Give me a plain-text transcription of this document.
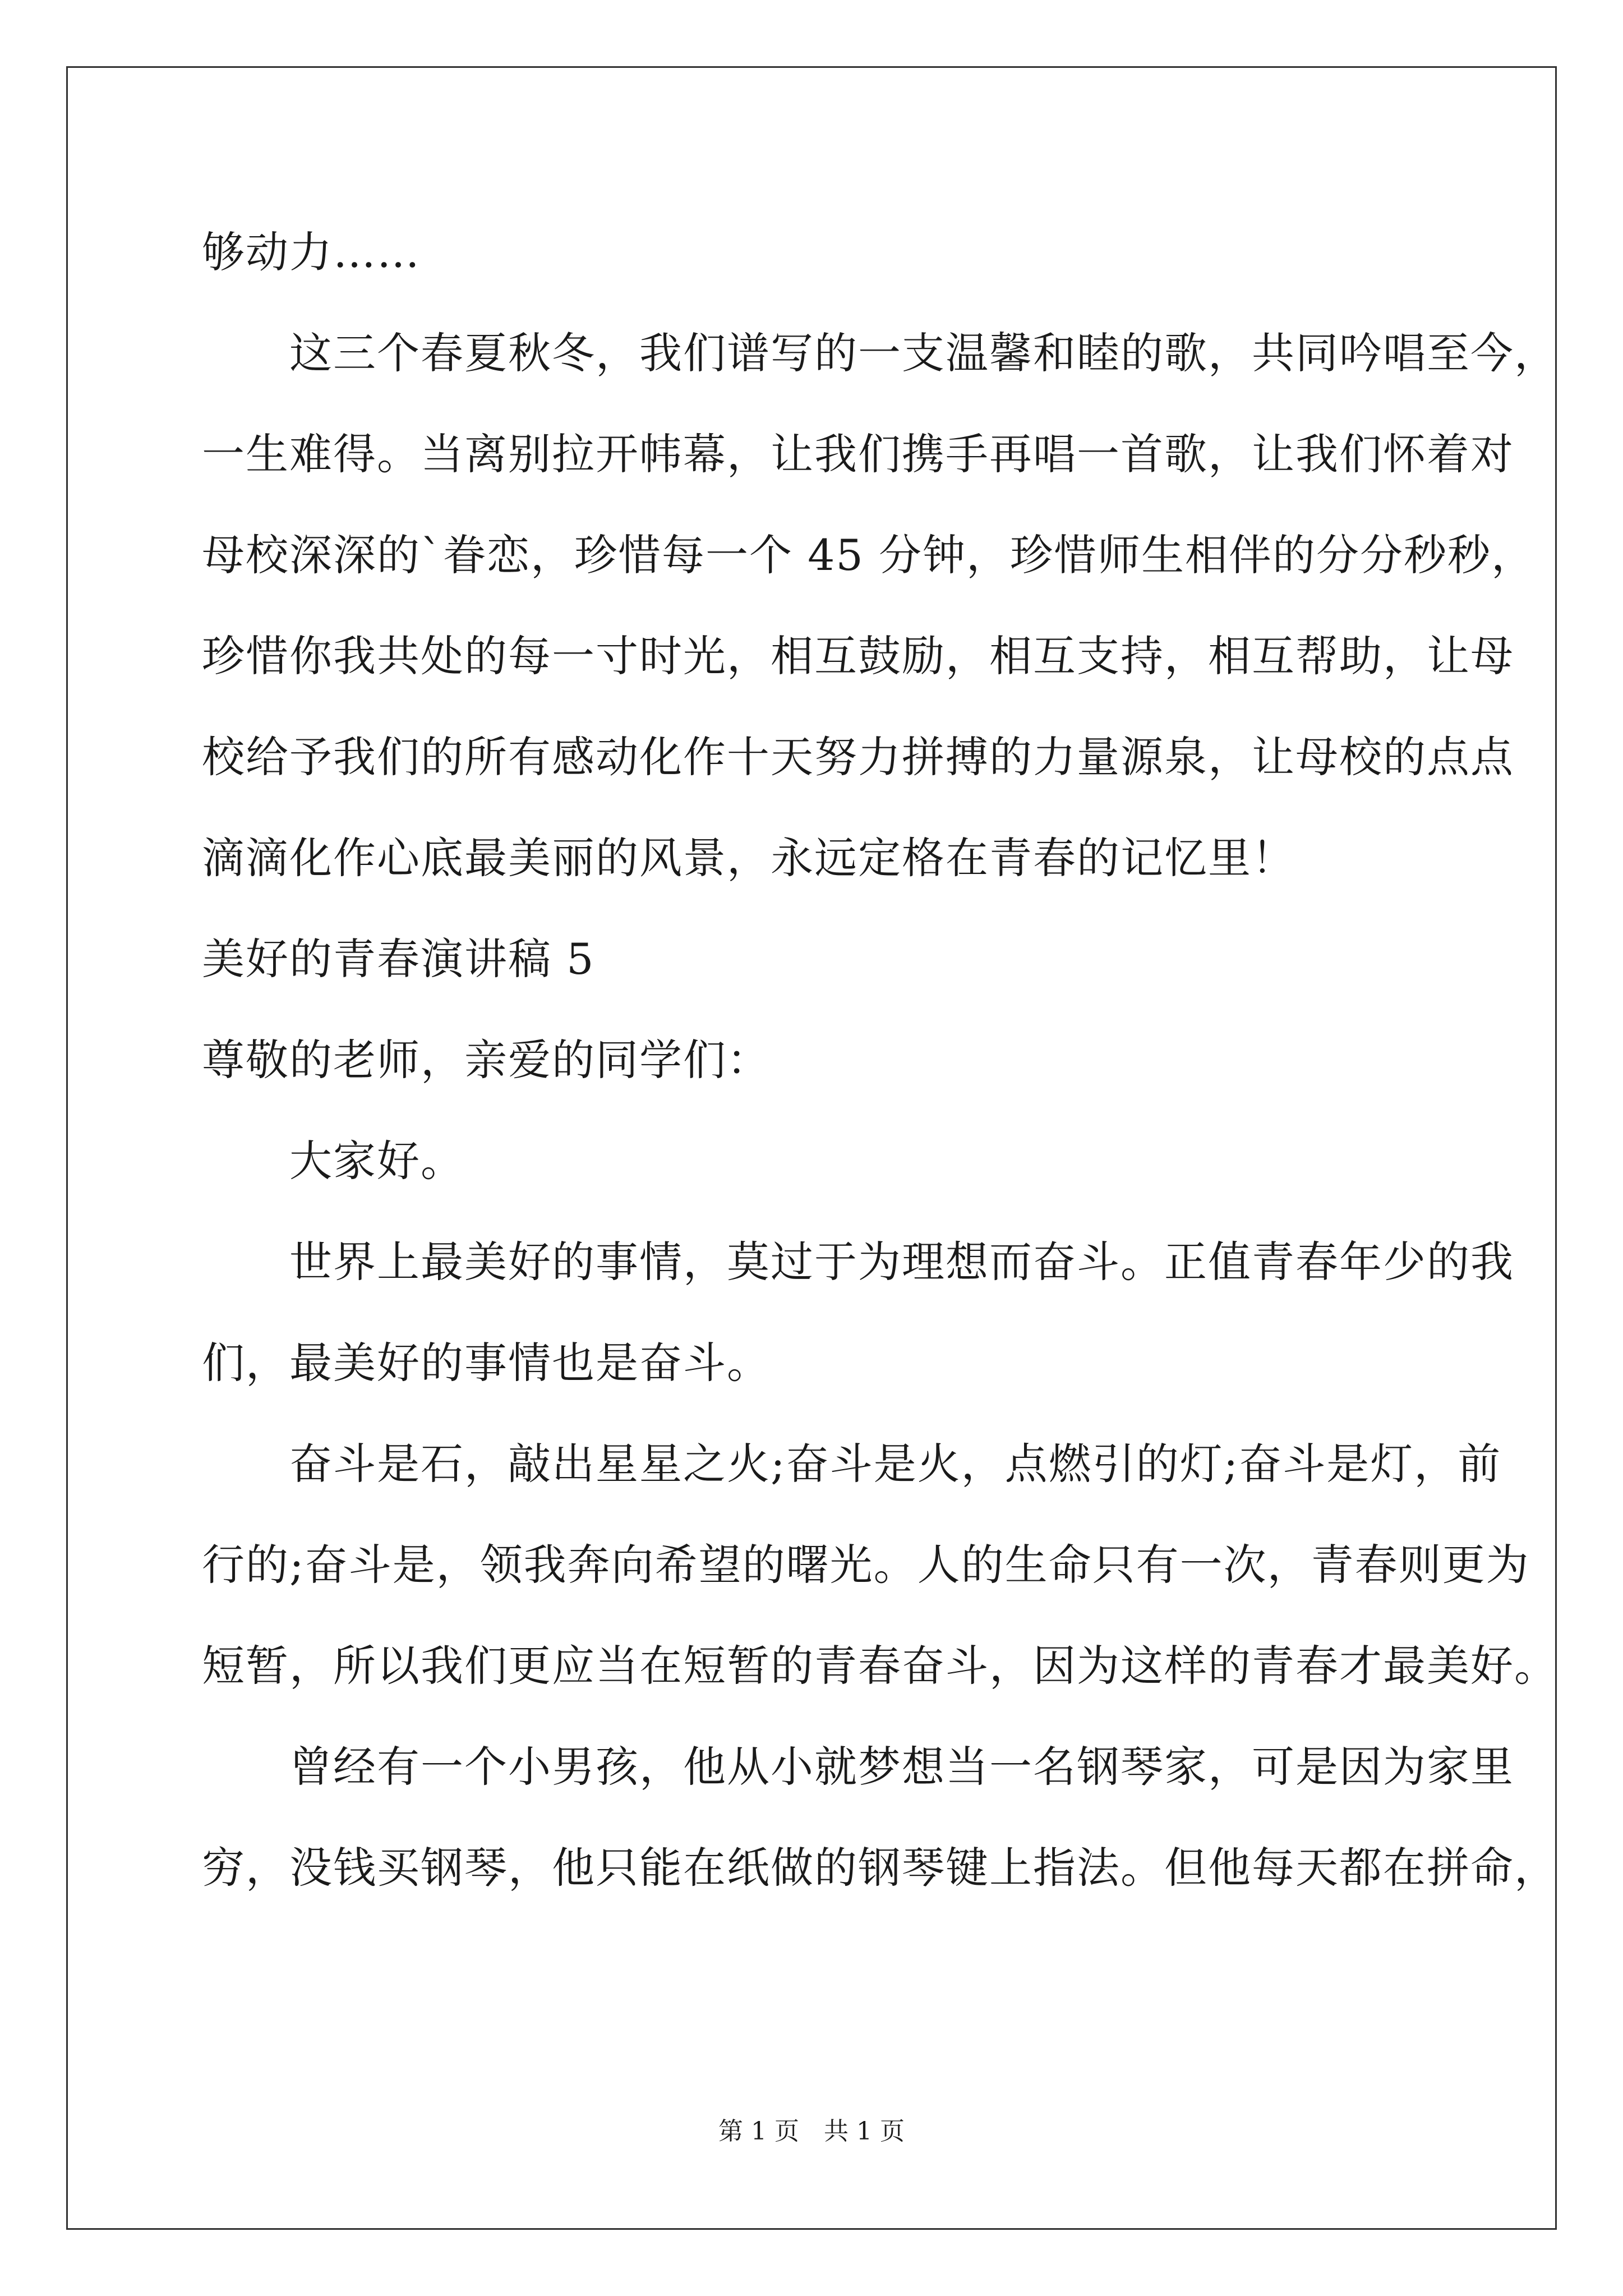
够动力……
　　这三个春夏秋冬，我们谱写的一支温馨和睦的歌，共同吟唱至今，
一生难得。当离别拉开帏幕，让我们携手再唱一首歌，让我们怀着对
母校深深的`眷恋，珍惜每一个 45 分钟，珍惜师生相伴的分分秒秒，
珍惜你我共处的每一寸时光，相互鼓励，相互支持，相互帮助，让母
校给予我们的所有感动化作十天努力拼搏的力量源泉，让母校的点点
滴滴化作心底最美丽的风景，永远定格在青春的记忆里！
美好的青春演讲稿 5
尊敬的老师，亲爱的同学们：
　　大家好。
　　世界上最美好的事情，莫过于为理想而奋斗。正值青春年少的我
们，最美好的事情也是奋斗。
　　奋斗是石，敲出星星之火;奋斗是火，点燃引的灯;奋斗是灯，前
行的;奋斗是，领我奔向希望的曙光。人的生命只有一次，青春则更为
短暂，所以我们更应当在短暂的青春奋斗，因为这样的青春才最美好。
　　曾经有一个小男孩，他从小就梦想当一名钢琴家，可是因为家里
穷，没钱买钢琴，他只能在纸做的钢琴键上指法。但他每天都在拼命，
第 1 页　共 1 页
